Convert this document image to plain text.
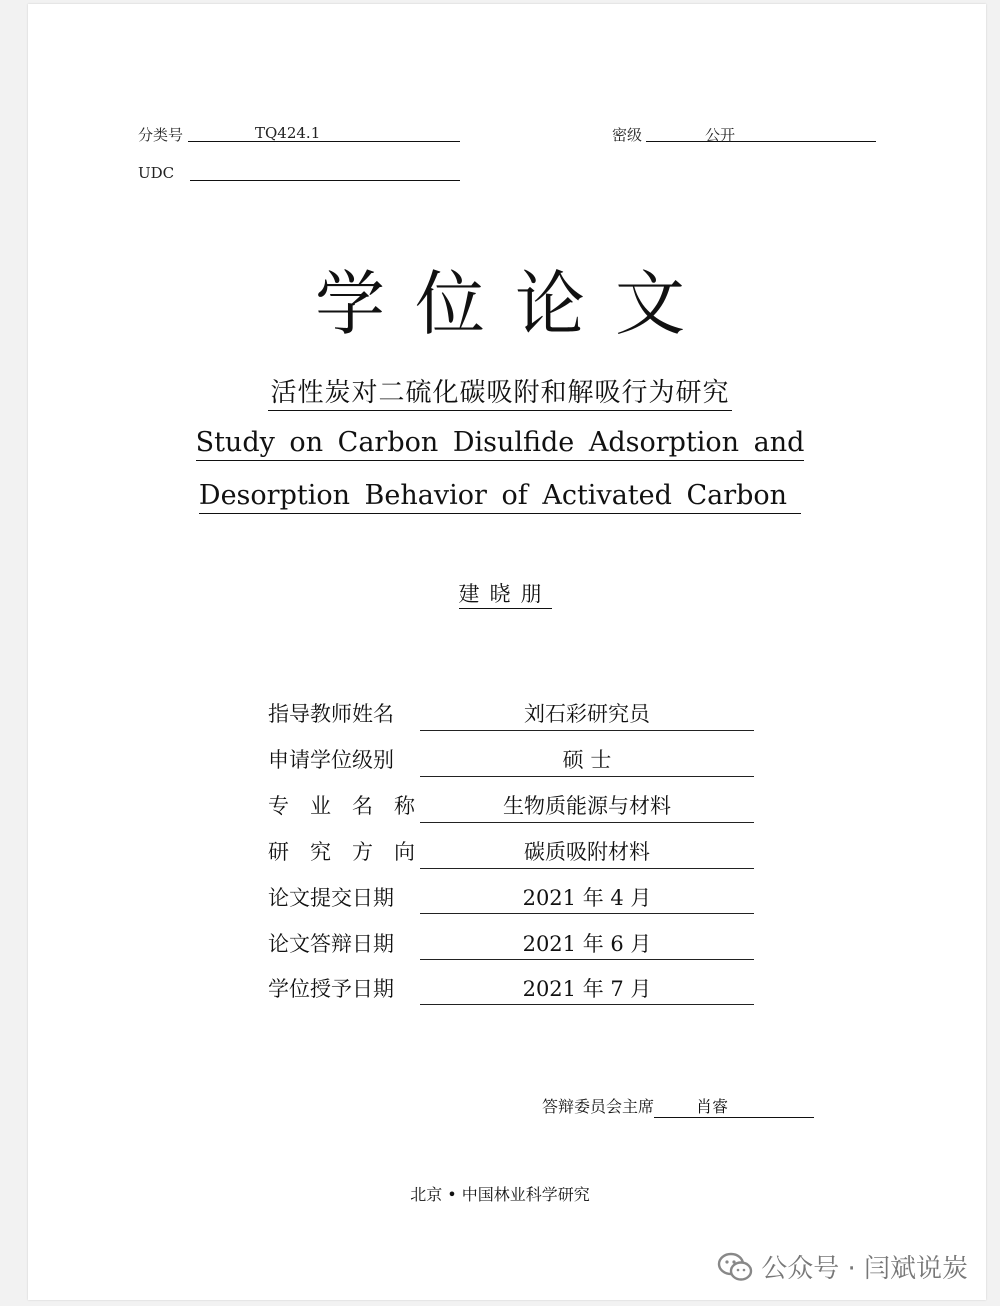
分类号	TQ424.1	密级	公开
UDC
学位论文
活性炭对二硫化碳吸附和解吸行为研究
Study on Carbon Disulfide Adsorption and
Desorption Behavior of Activated Carbon
建晓朋
指导教师姓名	刘石彩研究员
申请学位级别	硕 士
专业名称	生物质能源与材料
研究方向	碳质吸附材料
论文提交日期	2021 年 4 月
论文答辩日期	2021 年 6 月
学位授予日期	2021 年 7 月
答辩委员会主席	肖睿
北京 • 中国林业科学研究
公众号 · 闫斌说炭
